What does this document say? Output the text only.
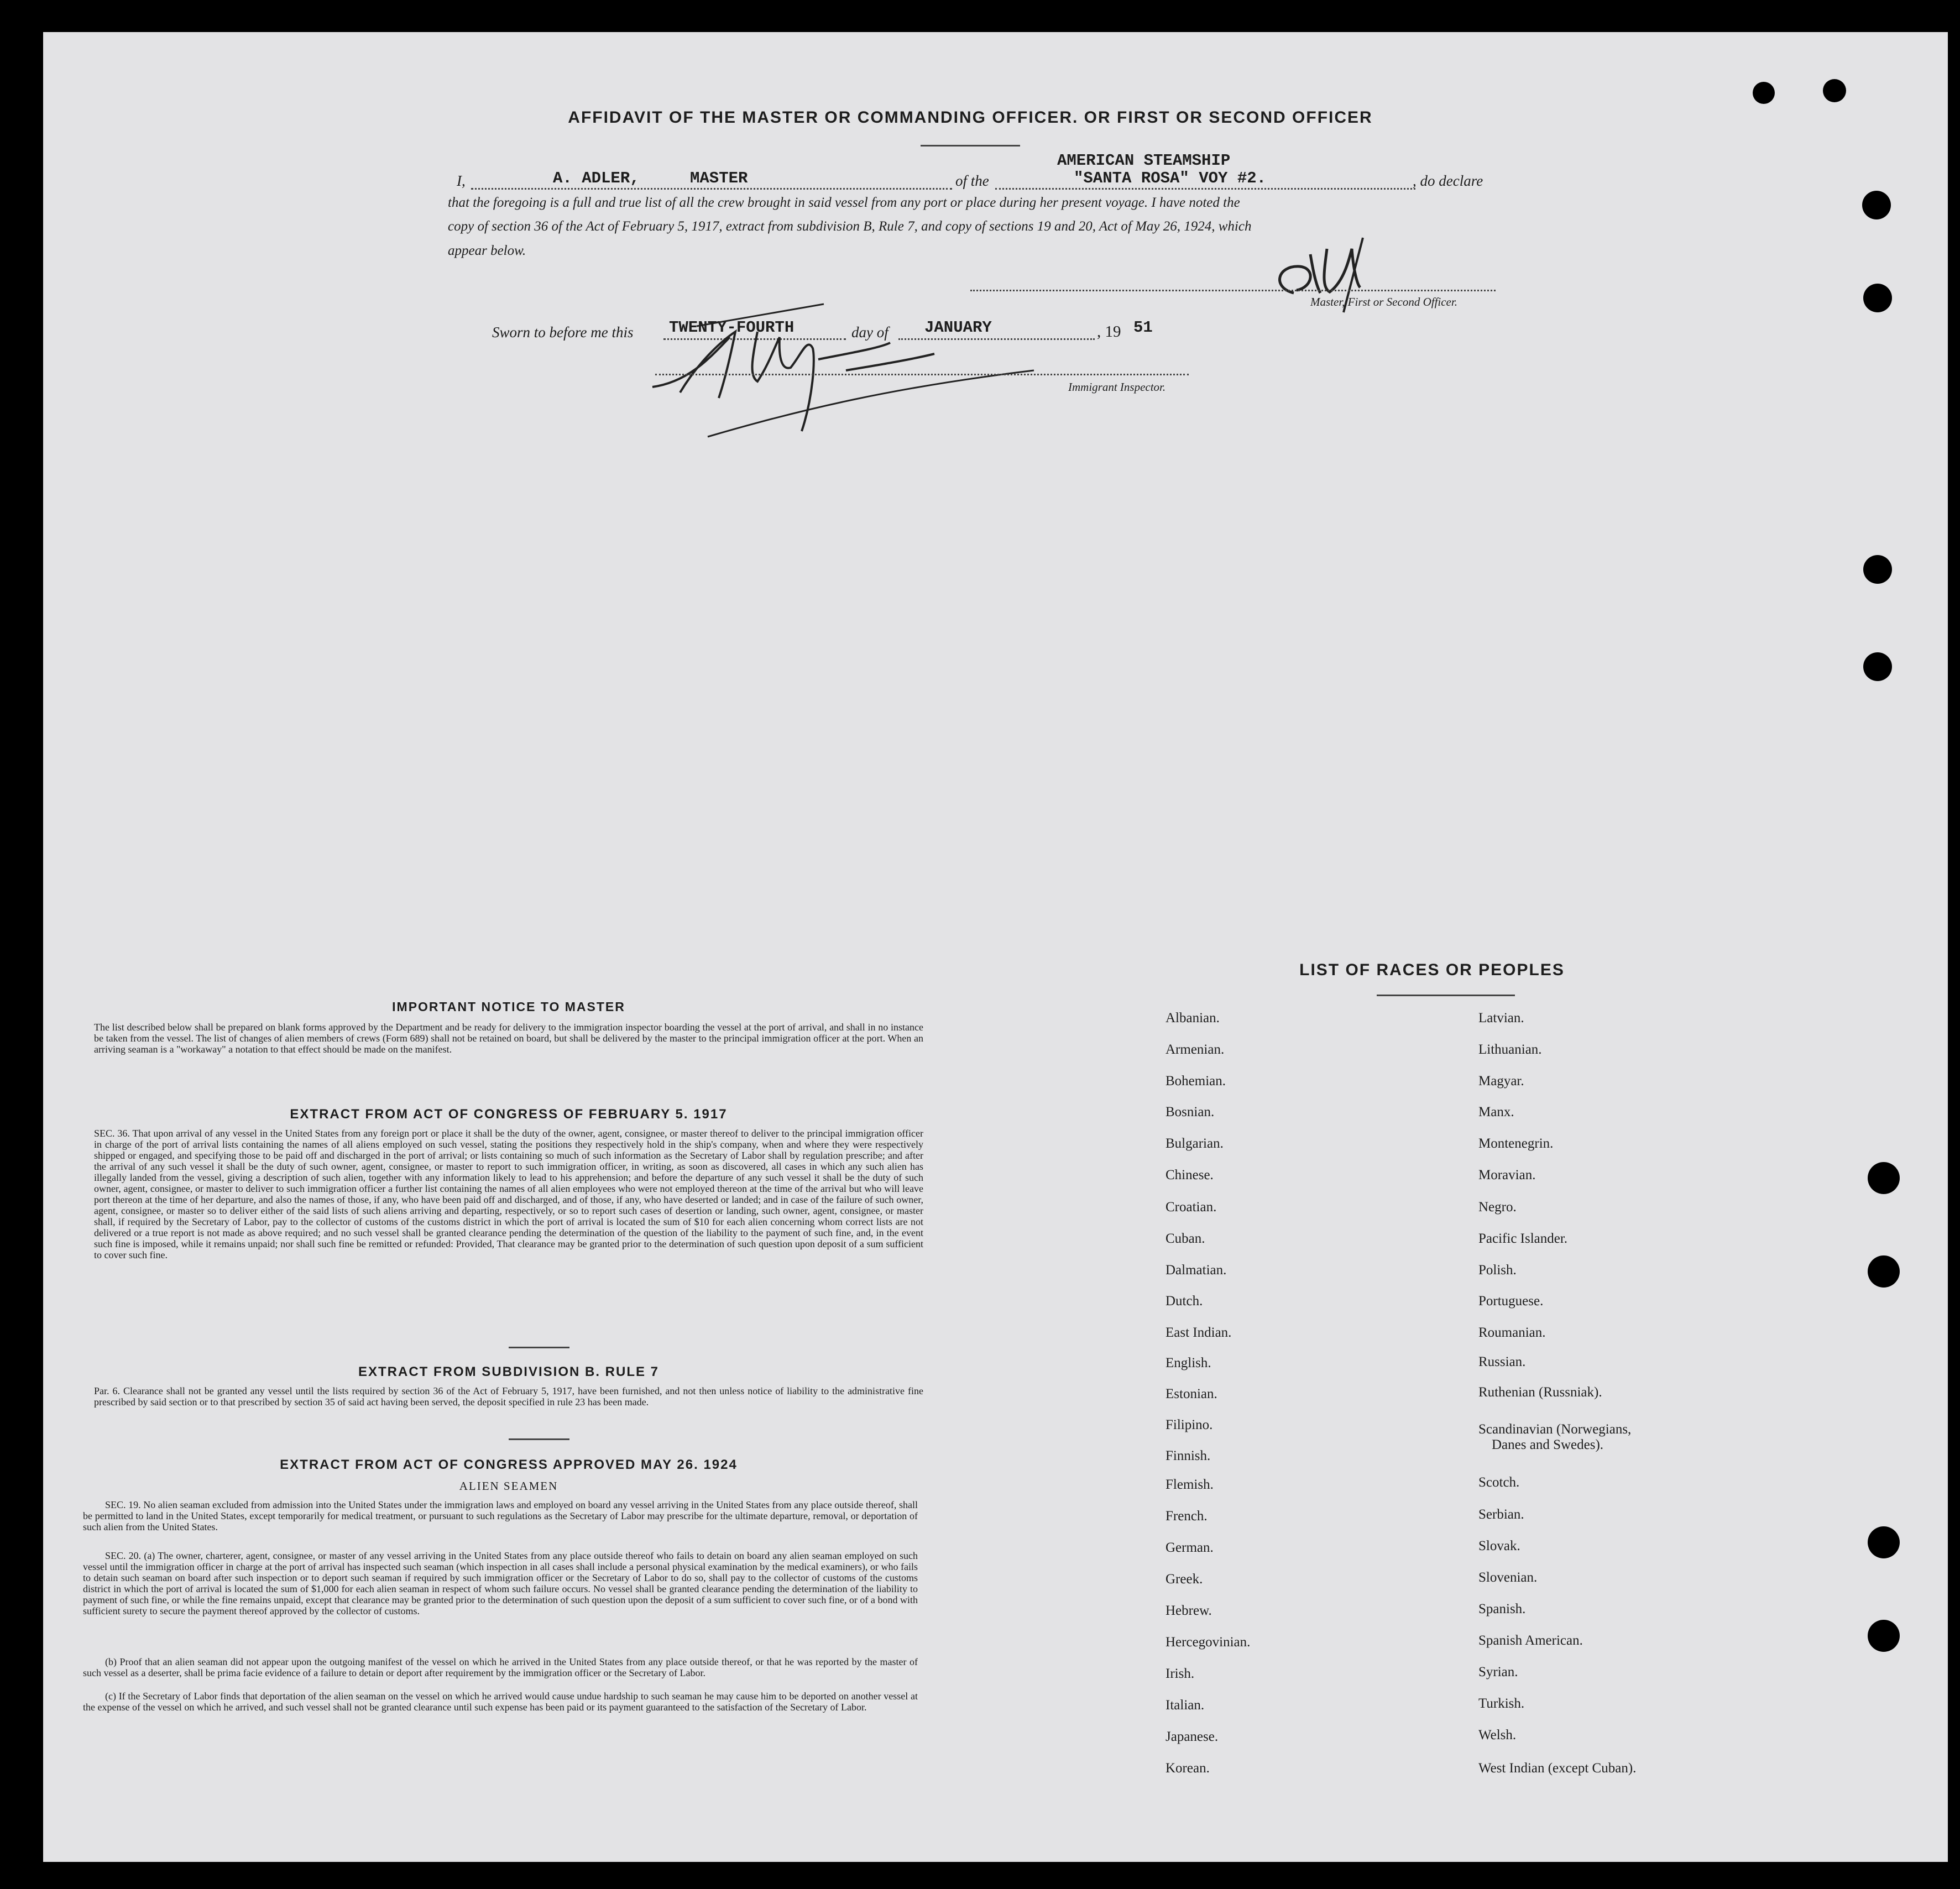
AFFIDAVIT OF THE MASTER OR COMMANDING OFFICER. OR FIRST OR SECOND OFFICER
I,	A. ADLER,	MASTER	of the
AMERICAN STEAMSHIP
"SANTA ROSA" VOY #2.	, do declare
that the foregoing is a full and true list of all the crew brought in said vessel from any port or place during her present voyage. I have noted the
copy of section 36 of the Act of February 5, 1917, extract from subdivision B, Rule 7, and copy of sections 19 and 20, Act of May 26, 1924, which
appear below.
Master, First or Second Officer.
Sworn to before me this TWENTY-FOURTH	day of JANUARY	, 19 51
Immigrant Inspector.
IMPORTANT NOTICE TO MASTER
The list described below shall be prepared on blank forms approved by the Department and be ready for delivery to the immigration inspector boarding the vessel at the port of arrival, and shall in no instance be taken from the vessel. The list of changes of alien members of crews (Form 689) shall not be retained on board, but shall be delivered by the master to the principal immigration officer at the port. When an arriving seaman is a "workaway" a notation to that effect should be made on the manifest.
EXTRACT FROM ACT OF CONGRESS OF FEBRUARY 5. 1917
SEC. 36. That upon arrival of any vessel in the United States from any foreign port or place it shall be the duty of the owner, agent, consignee, or master thereof to deliver to the principal immigration officer in charge of the port of arrival lists containing the names of all aliens employed on such vessel, stating the positions they respectively hold in the ship's company, when and where they were respectively shipped or engaged, and specifying those to be paid off and discharged in the port of arrival; or lists containing so much of such information as the Secretary of Labor shall by regulation prescribe; and after the arrival of any such vessel it shall be the duty of such owner, agent, consignee, or master to report to such immigration officer, in writing, as soon as discovered, all cases in which any such alien has illegally landed from the vessel, giving a description of such alien, together with any information likely to lead to his apprehension; and before the departure of any such vessel it shall be the duty of such owner, agent, consignee, or master to deliver to such immigration officer a further list containing the names of all alien employees who were not employed thereon at the time of the arrival but who will leave port thereon at the time of her departure, and also the names of those, if any, who have been paid off and discharged, and of those, if any, who have deserted or landed; and in case of the failure of such owner, agent, consignee, or master so to deliver either of the said lists of such aliens arriving and departing, respectively, or so to report such cases of desertion or landing, such owner, agent, consignee, or master shall, if required by the Secretary of Labor, pay to the collector of customs of the customs district in which the port of arrival is located the sum of $10 for each alien concerning whom correct lists are not delivered or a true report is not made as above required; and no such vessel shall be granted clearance pending the determination of the question of the liability to the payment of such fine, and, in the event such fine is imposed, while it remains unpaid; nor shall such fine be remitted or refunded: Provided, That clearance may be granted prior to the determination of such question upon deposit of a sum sufficient to cover such fine.
EXTRACT FROM SUBDIVISION B. RULE 7
Par. 6. Clearance shall not be granted any vessel until the lists required by section 36 of the Act of February 5, 1917, have been furnished, and not then unless notice of liability to the administrative fine prescribed by said section or to that prescribed by section 35 of said act having been served, the deposit specified in rule 23 has been made.
EXTRACT FROM ACT OF CONGRESS APPROVED MAY 26. 1924
ALIEN SEAMEN
SEC. 19. No alien seaman excluded from admission into the United States under the immigration laws and employed on board any vessel arriving in the United States from any place outside thereof, shall be permitted to land in the United States, except temporarily for medical treatment, or pursuant to such regulations as the Secretary of Labor may prescribe for the ultimate departure, removal, or deportation of such alien from the United States.
SEC. 20. (a) The owner, charterer, agent, consignee, or master of any vessel arriving in the United States from any place outside thereof who fails to detain on board any alien seaman employed on such vessel until the immigration officer in charge at the port of arrival has inspected such seaman (which inspection in all cases shall include a personal physical examination by the medical examiners), or who fails to detain such seaman on board after such inspection or to deport such seaman if required by such immigration officer or the Secretary of Labor to do so, shall pay to the collector of customs of the customs district in which the port of arrival is located the sum of $1,000 for each alien seaman in respect of whom such failure occurs. No vessel shall be granted clearance pending the determination of the liability to payment of such fine, or while the fine remains unpaid, except that clearance may be granted prior to the determination of such question upon the deposit of a sum sufficient to cover such fine, or of a bond with sufficient surety to secure the payment thereof approved by the collector of customs.
(b) Proof that an alien seaman did not appear upon the outgoing manifest of the vessel on which he arrived in the United States from any place outside thereof, or that he was reported by the master of such vessel as a deserter, shall be prima facie evidence of a failure to detain or deport after requirement by the immigration officer or the Secretary of Labor.
(c) If the Secretary of Labor finds that deportation of the alien seaman on the vessel on which he arrived would cause undue hardship to such seaman he may cause him to be deported on another vessel at the expense of the vessel on which he arrived, and such vessel shall not be granted clearance until such expense has been paid or its payment guaranteed to the satisfaction of the Secretary of Labor.
LIST OF RACES OR PEOPLES
Albanian.
Armenian.
Bohemian.
Bosnian.
Bulgarian.
Chinese.
Croatian.
Cuban.
Dalmatian.
Dutch.
East Indian.
English.
Estonian.
Filipino.
Finnish.
Flemish.
French.
German.
Greek.
Hebrew.
Hercegovinian.
Irish.
Italian.
Japanese.
Korean.
Latvian.
Lithuanian.
Magyar.
Manx.
Montenegrin.
Moravian.
Negro.
Pacific Islander.
Polish.
Portuguese.
Roumanian.
Russian.
Ruthenian (Russniak).
Scandinavian (Norwegians,
Danes and Swedes).
Scotch.
Serbian.
Slovak.
Slovenian.
Spanish.
Spanish American.
Syrian.
Turkish.
Welsh.
West Indian (except Cuban).
